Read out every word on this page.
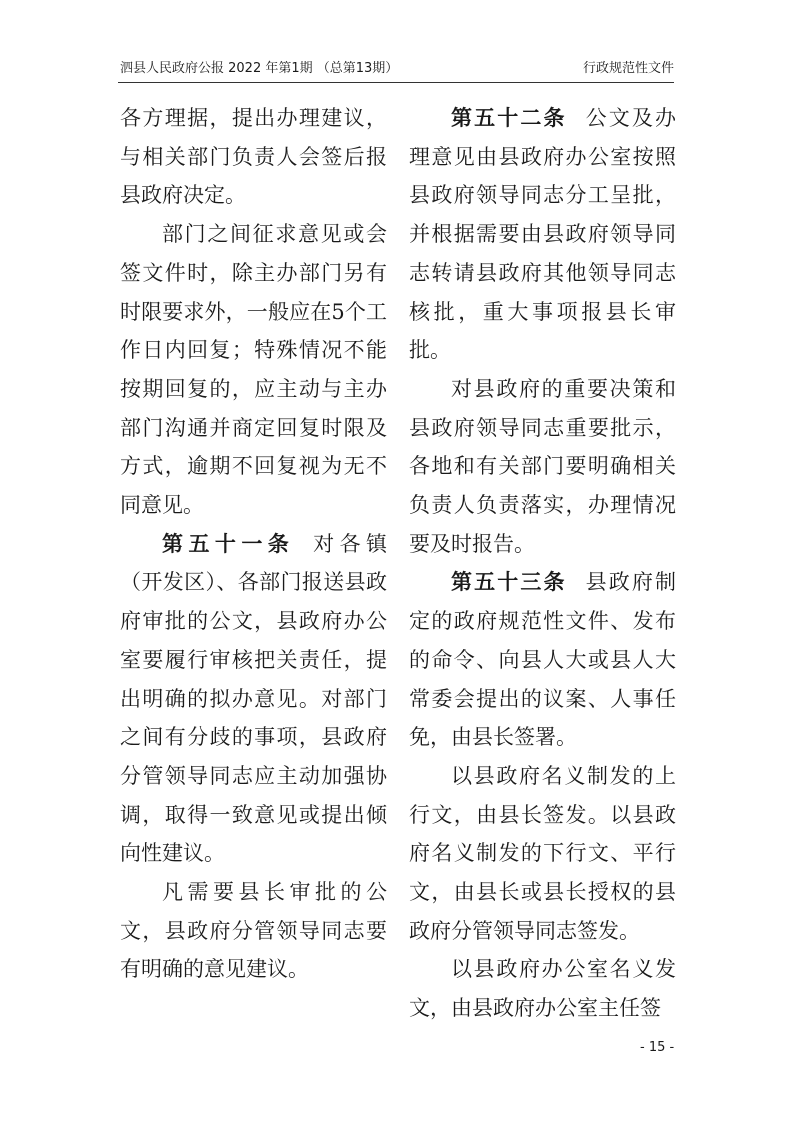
泗县人民政府公报 2022 年第1期 （总第13期）	行政规范性文件

各方理据，提出办理建议，与相关部门负责人会签后报县政府决定。

部门之间征求意见或会签文件时，除主办部门另有时限要求外，一般应在5个工作日内回复；特殊情况不能按期回复的，应主动与主办部门沟通并商定回复时限及方式，逾期不回复视为无不同意见。

第五十一条 对各镇（开发区）、各部门报送县政府审批的公文，县政府办公室要履行审核把关责任，提出明确的拟办意见。对部门之间有分歧的事项，县政府分管领导同志应主动加强协调，取得一致意见或提出倾向性建议。

凡需要县长审批的公文，县政府分管领导同志要有明确的意见建议。

第五十二条 公文及办理意见由县政府办公室按照县政府领导同志分工呈批，并根据需要由县政府领导同志转请县政府其他领导同志核批，重大事项报县长审批。

对县政府的重要决策和县政府领导同志重要批示，各地和有关部门要明确相关负责人负责落实，办理情况要及时报告。

第五十三条 县政府制定的政府规范性文件、发布的命令、向县人大或县人大常委会提出的议案、人事任免，由县长签署。

以县政府名义制发的上行文，由县长签发。以县政府名义制发的下行文、平行文，由县长或县长授权的县政府分管领导同志签发。

以县政府办公室名义发文，由县政府办公室主任签

- 15 -
